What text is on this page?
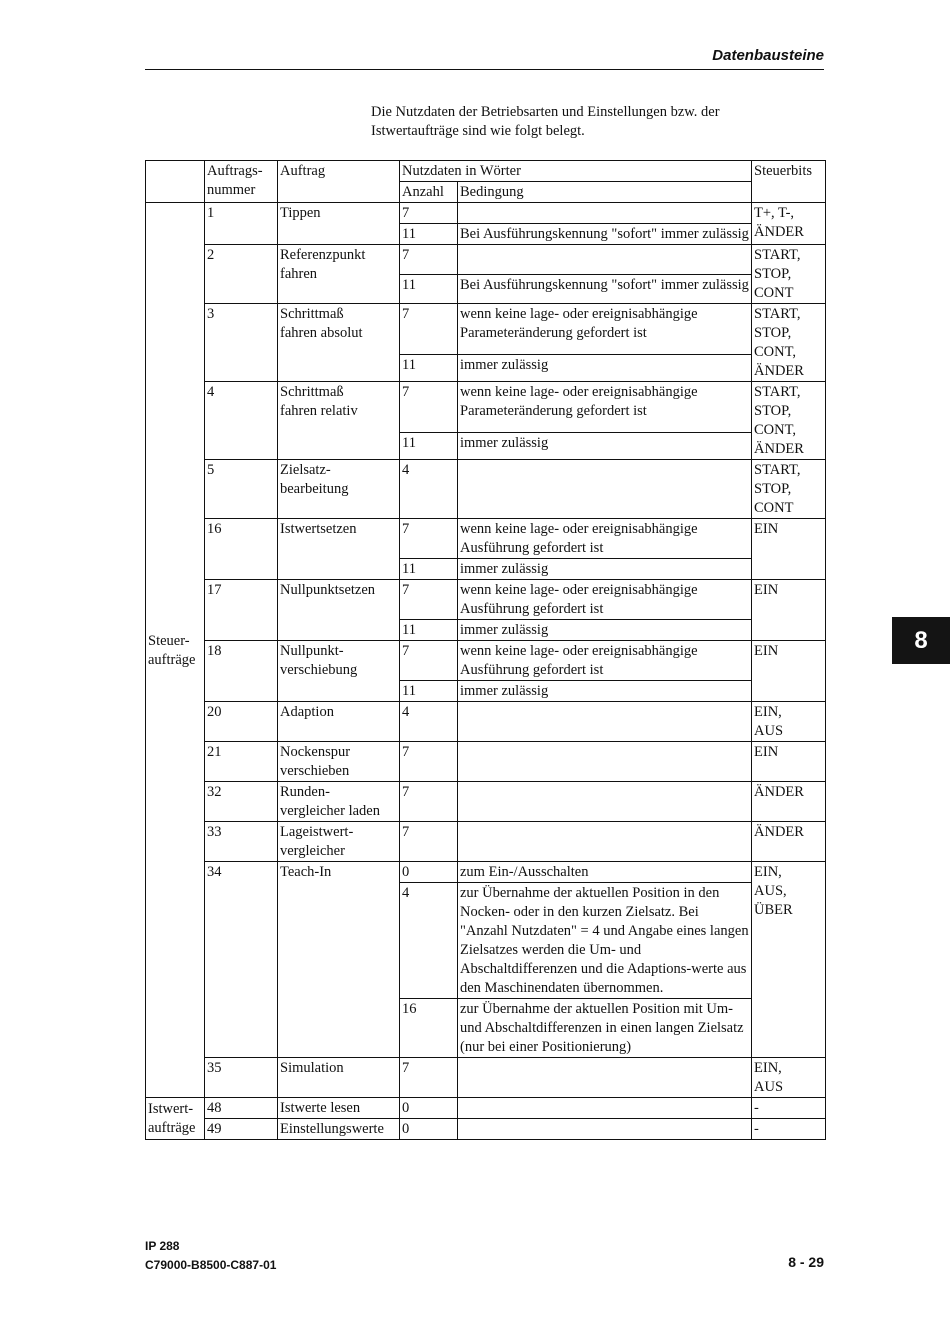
Datenbausteine
Die Nutzdaten der Betriebsarten und Einstellungen bzw. der
Istwertaufträge sind wie folgt belegt.
	Auftrags-
nummer	Auftrag	Nutzdaten in Wörter		Steuerbits
			Anzahl	Bedingung	
Steuer-
aufträge	1	Tippen	7		T+, T-,
ÄNDER
			11	Bei Ausführungskennung "sofort" immer zulässig	
	2	Referenzpunkt
fahren	7		START,
STOP,
CONT
			11	Bei Ausführungskennung "sofort" immer zulässig	
	3	Schrittmaß
fahren absolut	7	wenn keine lage- oder ereignisabhängige Parameteränderung gefordert ist	START,
STOP,
CONT,
ÄNDER
			11	immer zulässig	
	4	Schrittmaß
fahren relativ	7	wenn keine lage- oder ereignisabhängige Parameteränderung gefordert ist	START,
STOP,
CONT,
ÄNDER
			11	immer zulässig	
	5	Zielsatz-
bearbeitung	4		START,
STOP,
CONT
	16	Istwertsetzen	7	wenn keine lage- oder ereignisabhängige Ausführung gefordert ist	EIN
			11	immer zulässig	
	17	Nullpunktsetzen	7	wenn keine lage- oder ereignisabhängige Ausführung gefordert ist	EIN
			11	immer zulässig	
	18	Nullpunkt-
verschiebung	7	wenn keine lage- oder ereignisabhängige Ausführung gefordert ist	EIN
			11	immer zulässig	
	20	Adaption	4		EIN,
AUS
	21	Nockenspur
verschieben	7		EIN
	32	Runden-
vergleicher laden	7		ÄNDER
	33	Lageistwert-
vergleicher	7		ÄNDER
	34	Teach-In	0	zum Ein-/Ausschalten	EIN,
AUS,
ÜBER
			4	zur Übernahme der aktuellen Position in den Nocken- oder in den kurzen Zielsatz. Bei "Anzahl Nutzdaten" = 4 und Angabe eines langen Zielsatzes werden die Um- und Abschaltdifferenzen und die Adaptions-werte aus den Maschinendaten übernommen.	
			16	zur Übernahme der aktuellen Position mit Um- und Abschaltdifferenzen in einen langen Zielsatz (nur bei einer Positionierung)	
	35	Simulation	7		EIN,
AUS
Istwert-
aufträge	48	Istwerte lesen	0		-
	49	Einstellungswerte	0		-
8
IP 288
C79000-B8500-C887-01	8 - 29
